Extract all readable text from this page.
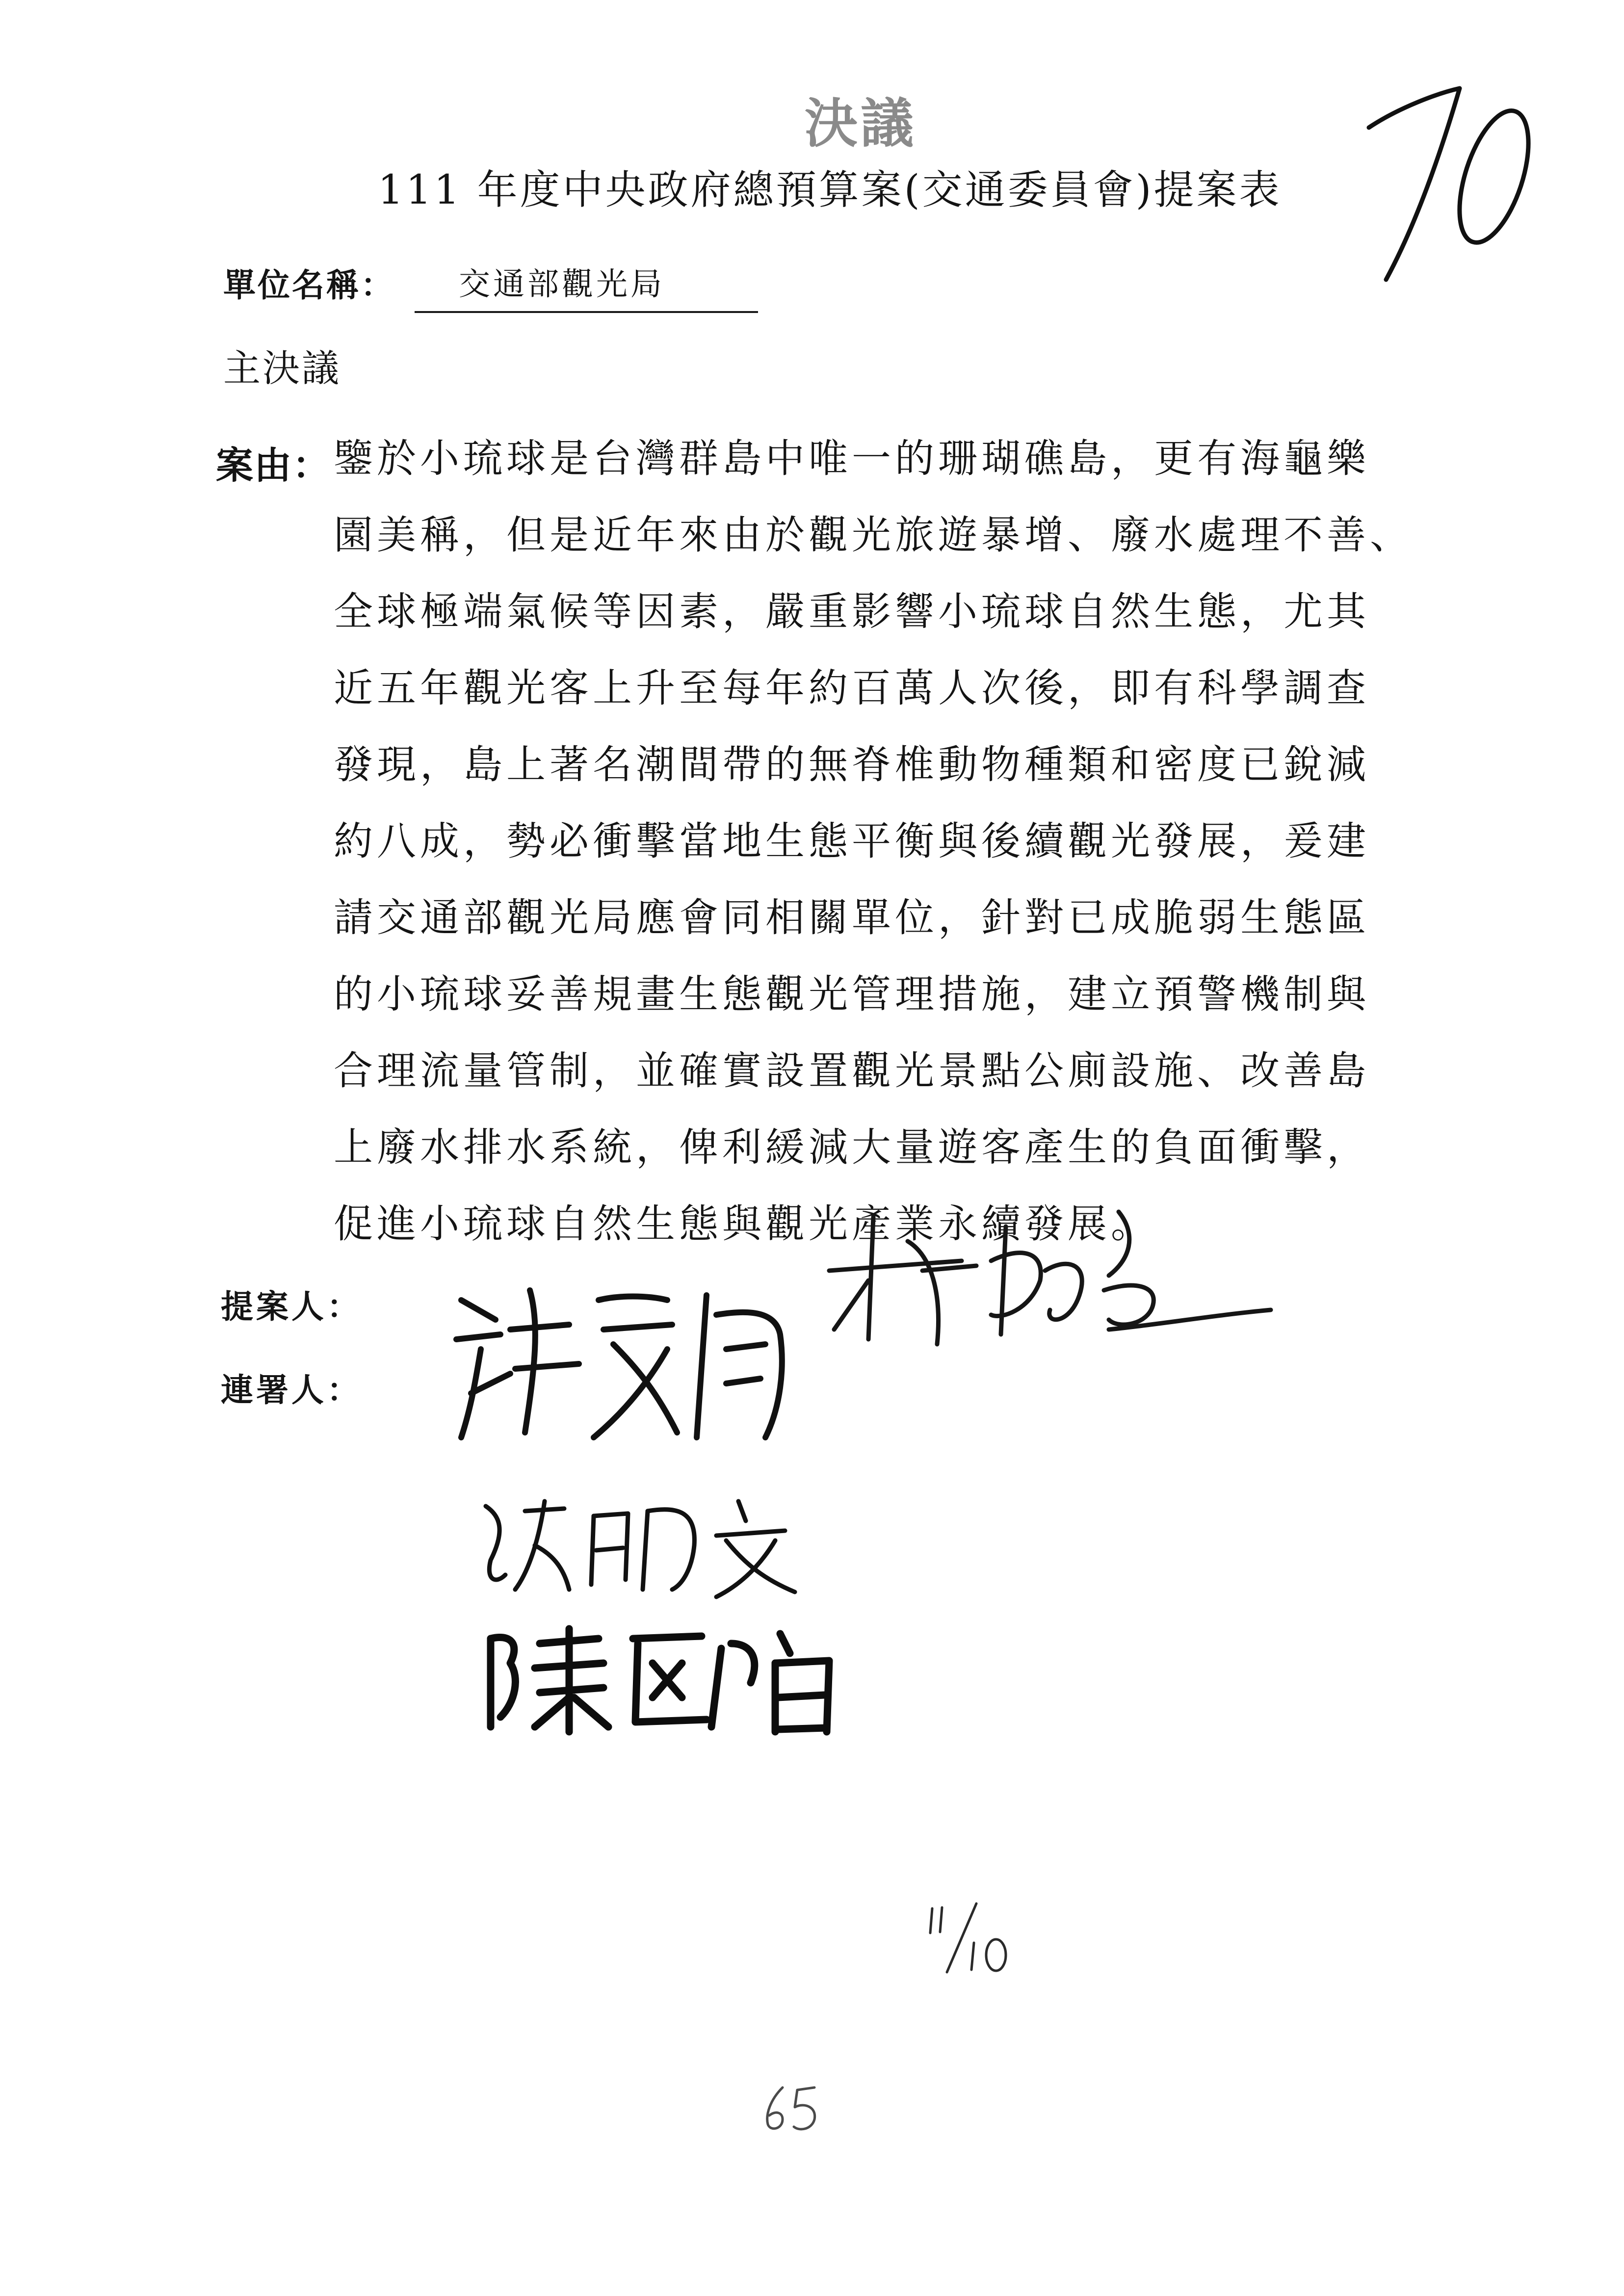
決議
111 年度中央政府總預算案(交通委員會)提案表
單位名稱：	交通部觀光局
主決議
案由： 鑒於小琉球是台灣群島中唯一的珊瑚礁島，更有海龜樂
園美稱，但是近年來由於觀光旅遊暴增、廢水處理不善、
全球極端氣候等因素，嚴重影響小琉球自然生態，尤其
近五年觀光客上升至每年約百萬人次後，即有科學調查
發現，島上著名潮間帶的無脊椎動物種類和密度已銳減
約八成，勢必衝擊當地生態平衡與後續觀光發展，爰建
請交通部觀光局應會同相關單位，針對已成脆弱生態區
的小琉球妥善規畫生態觀光管理措施，建立預警機制與
合理流量管制，並確實設置觀光景點公廁設施、改善島
上廢水排水系統，俾利緩減大量遊客產生的負面衝擊，
促進小琉球自然生態與觀光產業永續發展。
提案人：
連署人：
